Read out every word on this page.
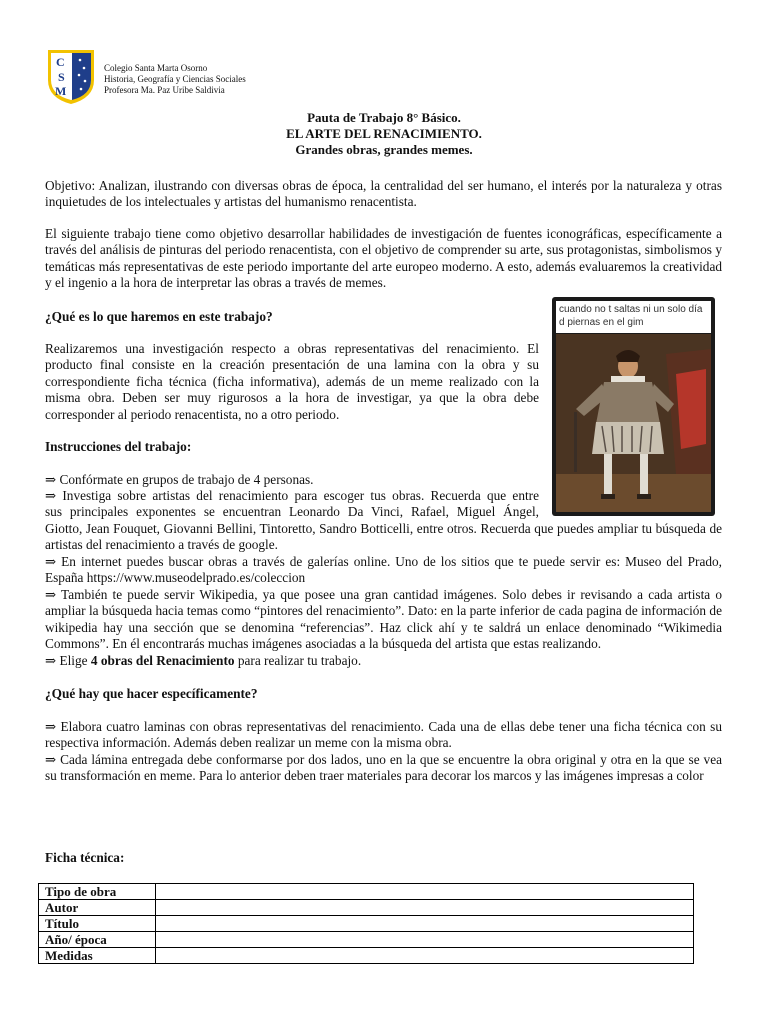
C
S
M
Colegio Santa Marta Osorno
Historia, Geografía y Ciencias Sociales
Profesora Ma. Paz Uribe Saldivia
Pauta de Trabajo 8° Básico.
EL ARTE DEL RENACIMIENTO.
Grandes obras, grandes memes.
Objetivo: Analizan, ilustrando con diversas obras de época, la centralidad del ser humano, el interés por la naturaleza y otras inquietudes de los intelectuales y artistas del humanismo renacentista.
El siguiente trabajo tiene como objetivo desarrollar habilidades de investigación de fuentes iconográficas, específicamente a través del análisis de pinturas del periodo renacentista, con el objetivo de comprender su arte, sus protagonistas, simbolismos y temáticas más representativas de este periodo importante del arte europeo moderno. A esto, además evaluaremos la creatividad y el ingenio a la hora de interpretar las obras a través de memes.
¿Qué es lo que haremos en este trabajo?
Realizaremos una investigación respecto a obras representativas del renacimiento. El producto final consiste en la creación presentación de una lamina con la obra y su correspondiente ficha técnica (ficha informativa), además de un meme realizado con la misma obra. Deben ser muy rigurosos a la hora de investigar, ya que la obra debe corresponder al periodo renacentista, no a otro periodo.
cuando no t saltas ni un solo día d piernas en el gim
Instrucciones del trabajo:
⇒ Confórmate en grupos de trabajo de 4 personas.
⇒ Investiga sobre artistas del renacimiento para escoger tus obras. Recuerda que entre
sus principales exponentes se encuentran Leonardo Da Vinci, Rafael, Miguel Ángel,
Giotto, Jean Fouquet, Giovanni Bellini, Tintoretto, Sandro Botticelli, entre otros. Recuerda que puedes ampliar tu búsqueda de artistas del renacimiento a través de google.
⇒ En internet puedes buscar obras a través de galerías online. Uno de los sitios que te puede servir es: Museo del Prado, España https://www.museodelprado.es/coleccion
⇒ También te puede servir Wikipedia, ya que posee una gran cantidad imágenes. Solo debes ir revisando a cada artista o ampliar la búsqueda hacia temas como “pintores del renacimiento”. Dato: en la parte inferior de cada pagina de información de wikipedia hay una sección que se denomina “referencias”. Haz click ahí y te saldrá un enlace denominado “Wikimedia Commons”. En él encontrarás muchas imágenes asociadas a la búsqueda del artista que estas realizando.
⇒ Elige 4 obras del Renacimiento para realizar tu trabajo.
¿Qué hay que hacer específicamente?
⇒ Elabora cuatro laminas con obras representativas del renacimiento. Cada una de ellas debe tener una ficha técnica con su respectiva información. Además deben realizar un meme con la misma obra.
⇒ Cada lámina entregada debe conformarse por dos lados, uno en la que se encuentre la obra original y otra en la que se vea su transformación en meme. Para lo anterior deben traer materiales para decorar los marcos y las imágenes impresas a color
Ficha técnica:
Tipo de obra	
Autor	
Título	
Año/ época	
Medidas	
